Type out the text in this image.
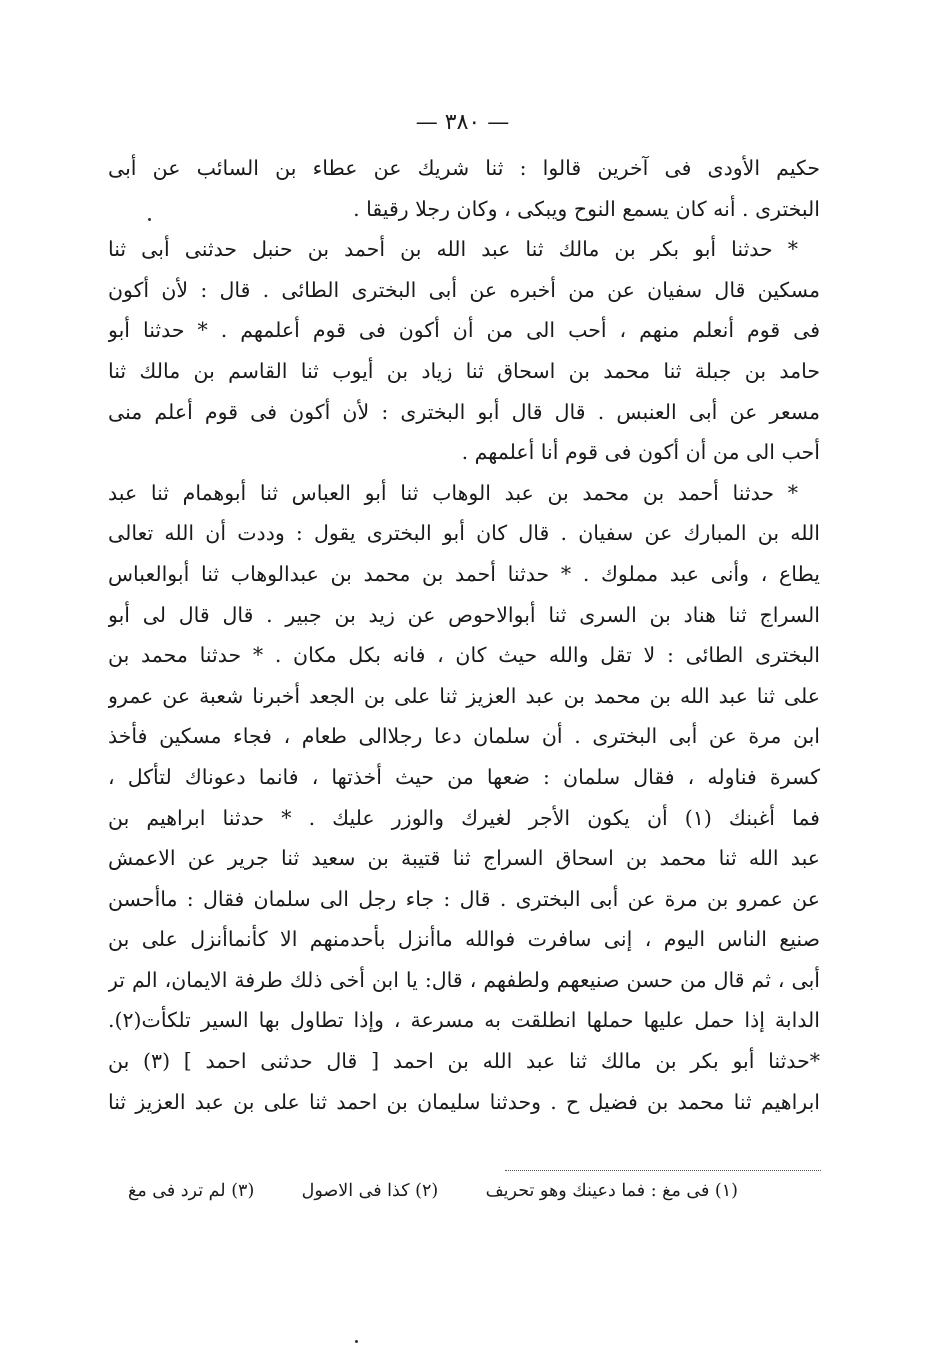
— ٣٨٠ —
حكيم الأودى فى آخرين قالوا : ثنا شريك عن عطاء بن السائب عن أبى
البخترى . أنه كان يسمع النوح ويبكى ، وكان رجلا رقيقا .
* حدثنا أبو بكر بن مالك ثنا عبد الله بن أحمد بن حنبل حدثنى أبى ثنا
مسكين قال سفيان عن من أخبره عن أبى البخترى الطائى . قال : لأن أكون
فى قوم أنعلم منهم ، أحب الى من أن أكون فى قوم أعلمهم . * حدثنا أبو
حامد بن جبلة ثنا محمد بن اسحاق ثنا زياد بن أيوب ثنا القاسم بن مالك ثنا
مسعر عن أبى العنبس . قال قال أبو البخترى : لأن أكون فى قوم أعلم منى
أحب الى من أن أكون فى قوم أنا أعلمهم .
* حدثنا أحمد بن محمد بن عبد الوهاب ثنا أبو العباس ثنا أبوهمام ثنا عبد
الله بن المبارك عن سفيان . قال كان أبو البخترى يقول : وددت أن الله تعالى
يطاع ، وأنى عبد مملوك . * حدثنا أحمد بن محمد بن عبدالوهاب ثنا أبوالعباس
السراج ثنا هناد بن السرى ثنا أبوالاحوص عن زيد بن جبير . قال قال لى أبو
البخترى الطائى : لا تقل والله حيث كان ، فانه بكل مكان . * حدثنا محمد بن
على ثنا عبد الله بن محمد بن عبد العزيز ثنا على بن الجعد أخبرنا شعبة عن عمرو
ابن مرة عن أبى البخترى . أن سلمان دعا رجلاالى طعام ، فجاء مسكين فأخذ
كسرة فناوله ، فقال سلمان : ضعها من حيث أخذتها ، فانما دعوناك لتأكل ،
فما أغبنك (١) أن يكون الأجر لغيرك والوزر عليك . * حدثنا ابراهيم بن
عبد الله ثنا محمد بن اسحاق السراج ثنا قتيبة بن سعيد ثنا جرير عن الاعمش
عن عمرو بن مرة عن أبى البخترى . قال : جاء رجل الى سلمان فقال : ماأحسن
صنيع الناس اليوم ، إنى سافرت فوالله ماأنزل بأحدمنهم الا كأنماأنزل على بن
أبى ، ثم قال من حسن صنيعهم ولطفهم ، قال: يا ابن أخى ذلك طرفة الايمان، الم تر
الدابة إذا حمل عليها حملها انطلقت به مسرعة ، وإذا تطاول بها السير تلكأت(٢).
*حدثنا أبو بكر بن مالك ثنا عبد الله بن احمد [ قال حدثنى احمد ] (٣) بن
ابراهيم ثنا محمد بن فضيل ح . وحدثنا سليمان بن احمد ثنا على بن عبد العزيز ثنا
(١) فى مغ : فما دعينك وهو تحريف
(٢) كذا فى الاصول
(٣) لم ترد فى مغ
